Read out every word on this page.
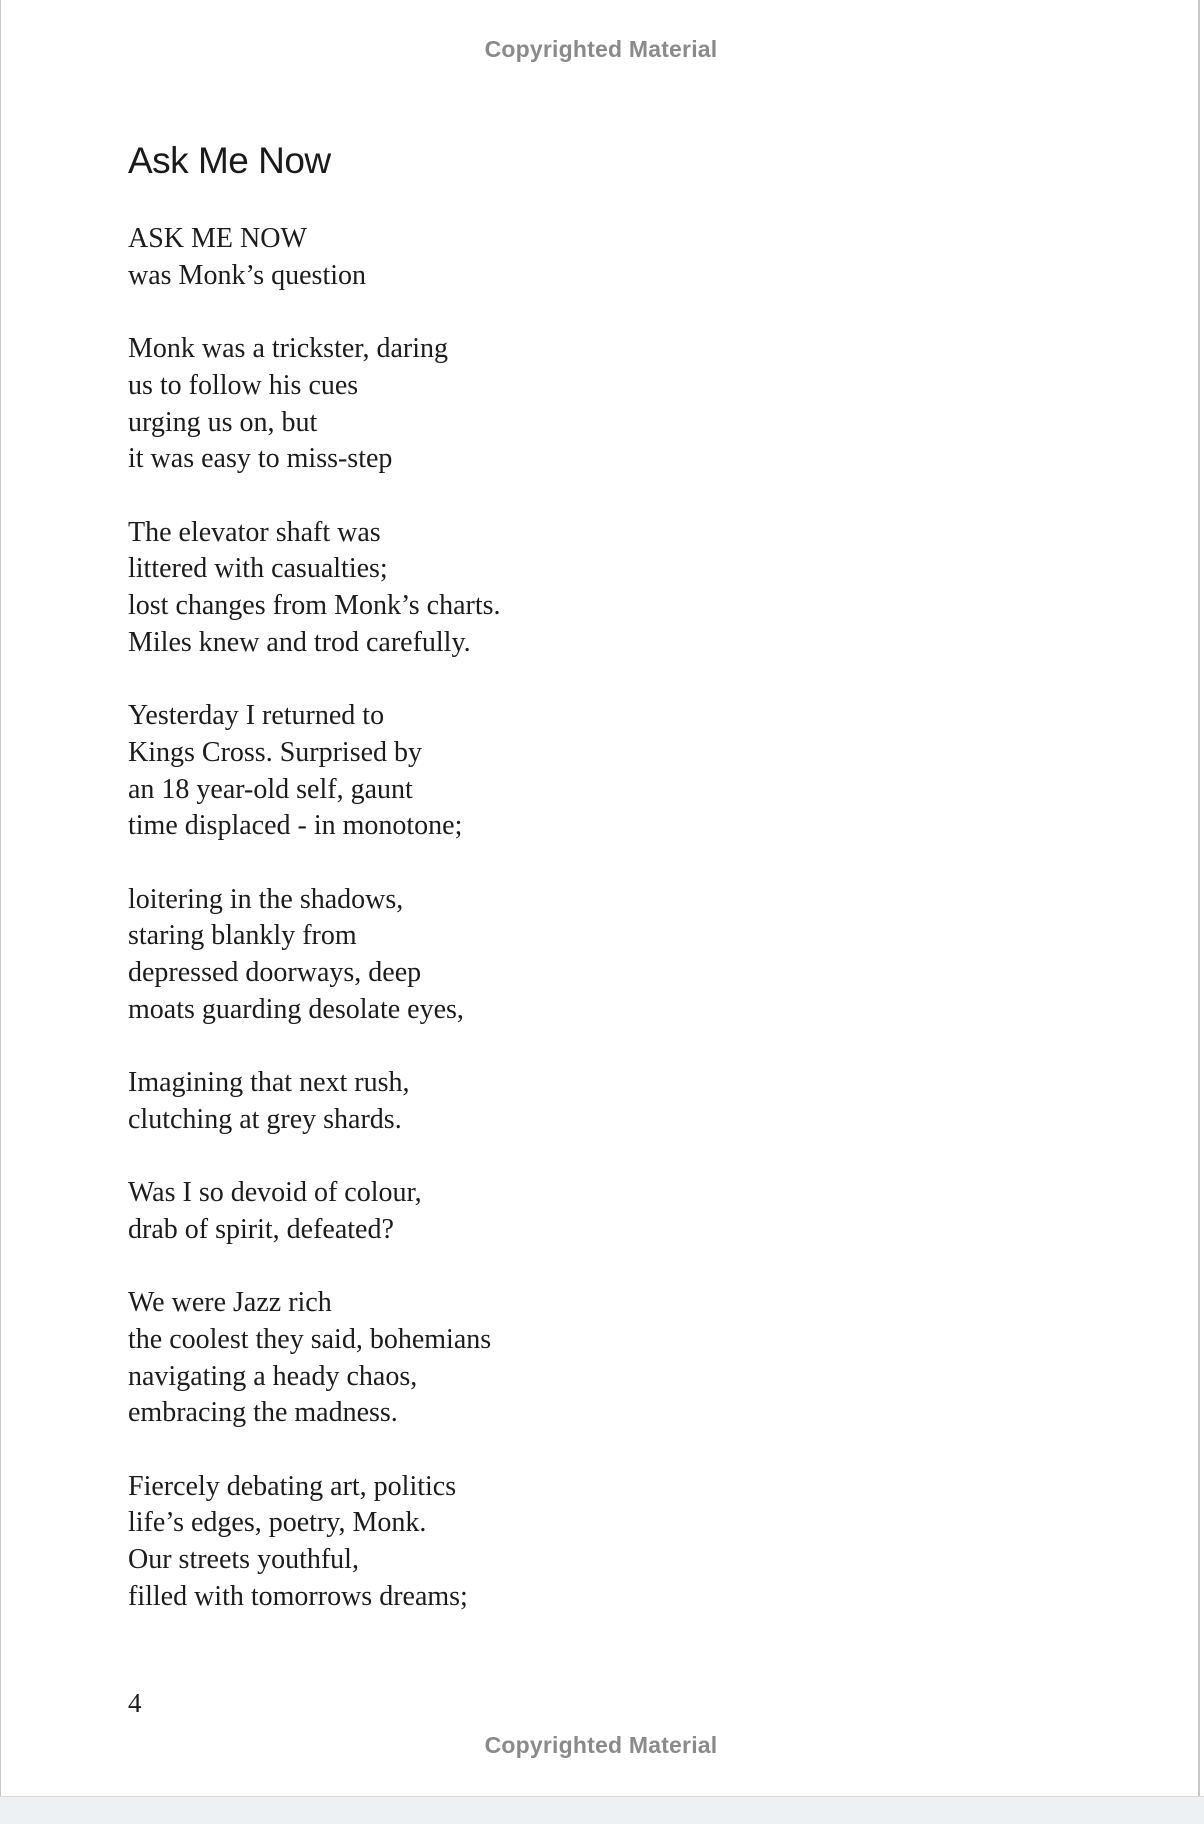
Copyrighted Material
Ask Me Now
ASK ME NOW
was Monk’s question
Monk was a trickster, daring
us to follow his cues
urging us on, but
it was easy to miss-step
The elevator shaft was
littered with casualties;
lost changes from Monk’s charts.
Miles knew and trod carefully.
Yesterday I returned to
Kings Cross. Surprised by
an 18 year-old self, gaunt
time displaced - in monotone;
loitering in the shadows,
staring blankly from
depressed doorways, deep
moats guarding desolate eyes,
Imagining that next rush,
clutching at grey shards.
Was I so devoid of colour,
drab of spirit, defeated?
We were Jazz rich
the coolest they said, bohemians
navigating a heady chaos,
embracing the madness.
Fiercely debating art, politics
life’s edges, poetry, Monk.
Our streets youthful,
filled with tomorrows dreams;
4
Copyrighted Material
